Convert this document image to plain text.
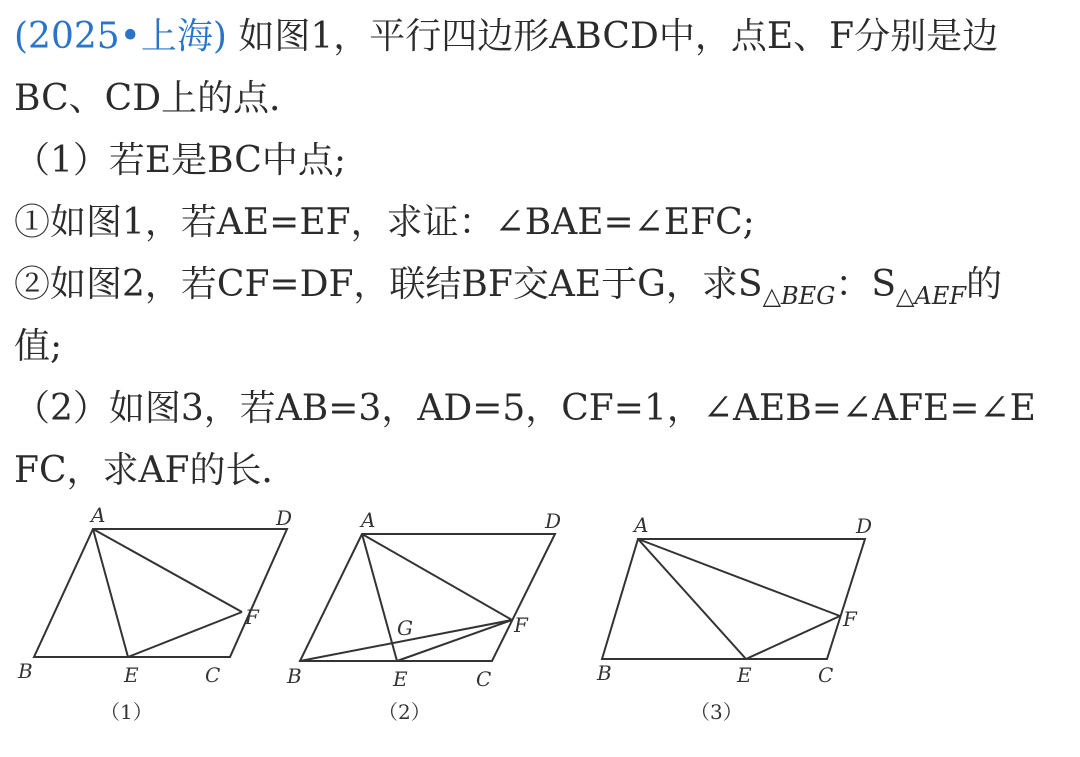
(2025•上海) 如图1，平行四边形ABCD中，点E、F分别是边
BC、CD上的点．
（1）若E是BC中点;
①如图1，若AE=EF，求证：∠BAE=∠EFC;
②如图2，若CF=DF，联结BF交AE于G，求$S_{\triangle BEG}$：$S_{\triangle AEF}$的
值;
（2）如图3，若AB=3，AD=5，CF=1，∠AEB=∠AFE=∠E
FC，求AF的长．
A	D
F
B	E	C
（1）
A	D
F
G
B	E	C
（2）
A	D
F
B	E	C
（3）
